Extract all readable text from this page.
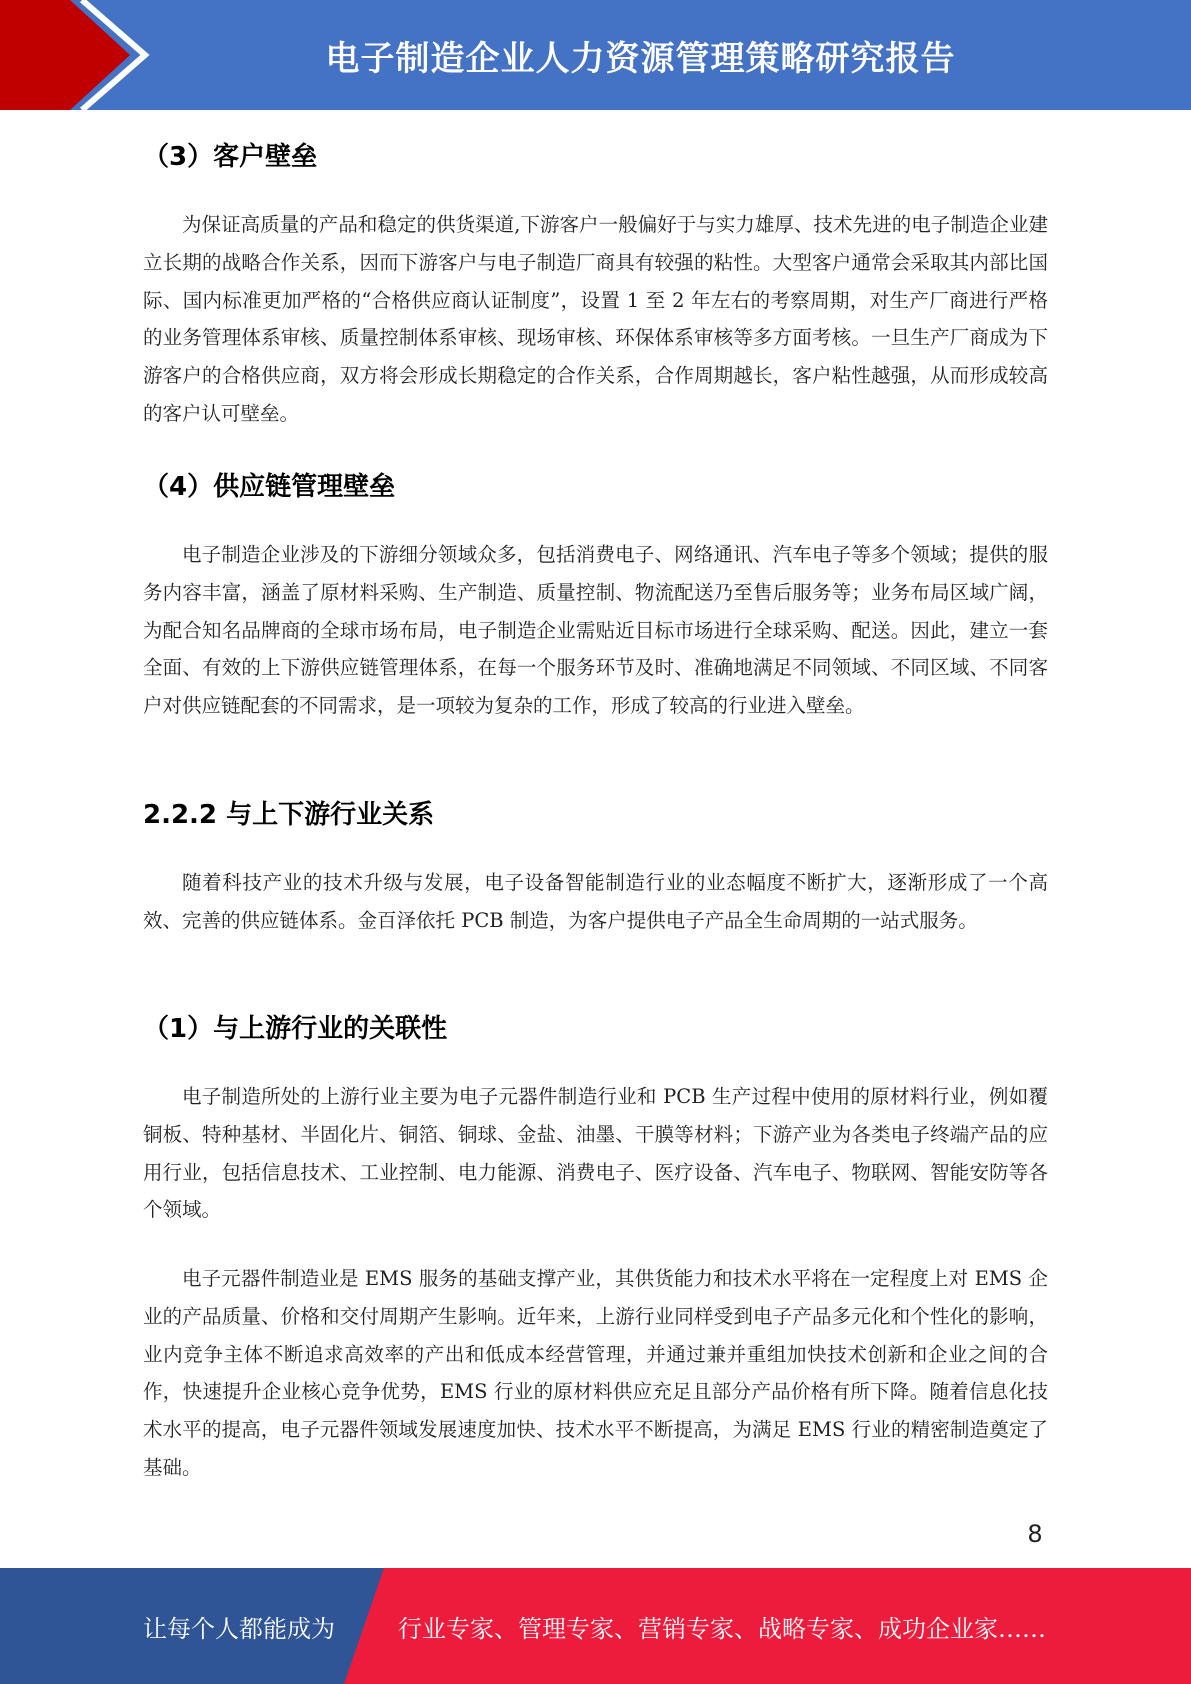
电子制造企业人力资源管理策略研究报告
（3）客户壁垒

为保证高质量的产品和稳定的供货渠道,下游客户一般偏好于与实力雄厚、技术先进的电子制造企业建立长期的战略合作关系，因而下游客户与电子制造厂商具有较强的粘性。大型客户通常会采取其内部比国际、国内标准更加严格的“合格供应商认证制度”，设置 1 至 2 年左右的考察周期，对生产厂商进行严格的业务管理体系审核、质量控制体系审核、现场审核、环保体系审核等多方面考核。一旦生产厂商成为下游客户的合格供应商，双方将会形成长期稳定的合作关系，合作周期越长，客户粘性越强，从而形成较高的客户认可壁垒。

（4）供应链管理壁垒

电子制造企业涉及的下游细分领域众多，包括消费电子、网络通讯、汽车电子等多个领域；提供的服务内容丰富，涵盖了原材料采购、生产制造、质量控制、物流配送乃至售后服务等；业务布局区域广阔，为配合知名品牌商的全球市场布局，电子制造企业需贴近目标市场进行全球采购、配送。因此，建立一套全面、有效的上下游供应链管理体系，在每一个服务环节及时、准确地满足不同领域、不同区域、不同客户对供应链配套的不同需求，是一项较为复杂的工作，形成了较高的行业进入壁垒。

2.2.2 与上下游行业关系

随着科技产业的技术升级与发展，电子设备智能制造行业的业态幅度不断扩大，逐渐形成了一个高效、完善的供应链体系。金百泽依托 PCB 制造，为客户提供电子产品全生命周期的一站式服务。

（1）与上游行业的关联性

电子制造所处的上游行业主要为电子元器件制造行业和 PCB 生产过程中使用的原材料行业，例如覆铜板、特种基材、半固化片、铜箔、铜球、金盐、油墨、干膜等材料；下游产业为各类电子终端产品的应用行业，包括信息技术、工业控制、电力能源、消费电子、医疗设备、汽车电子、物联网、智能安防等各个领域。

电子元器件制造业是 EMS 服务的基础支撑产业，其供货能力和技术水平将在一定程度上对 EMS 企业的产品质量、价格和交付周期产生影响。近年来，上游行业同样受到电子产品多元化和个性化的影响，业内竞争主体不断追求高效率的产出和低成本经营管理，并通过兼并重组加快技术创新和企业之间的合作，快速提升企业核心竞争优势，EMS 行业的原材料供应充足且部分产品价格有所下降。随着信息化技术水平的提高，电子元器件领域发展速度加快、技术水平不断提高，为满足 EMS 行业的精密制造奠定了基础。

8
让每个人都能成为	行业专家、管理专家、营销专家、战略专家、成功企业家……
